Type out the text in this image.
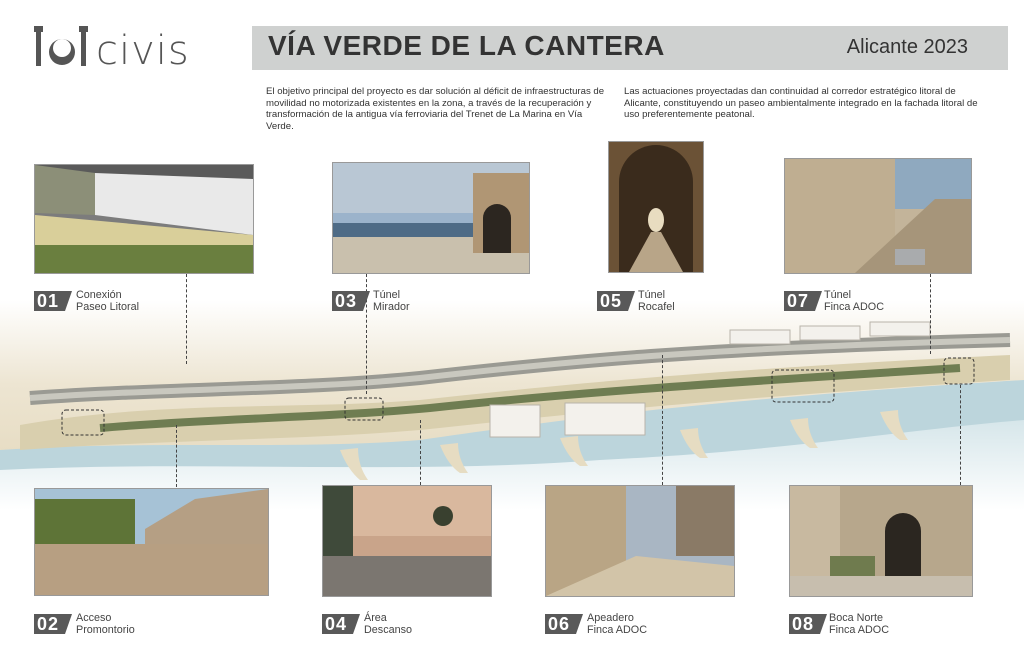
civis	VÍA VERDE DE LA CANTERA	Alicante 2023
El objetivo principal del proyecto es dar solución al déficit de infraestructuras de movilidad no motorizada existentes en la zona, a través de la recuperación y transformación de la antigua vía ferroviaria del Trenet de La Marina en Vía Verde.
Las actuaciones proyectadas dan continuidad al corredor estratégico litoral de Alicante, constituyendo un paseo ambientalmente integrado en la fachada litoral de uso preferentemente peatonal.
01	Conexión
Paseo Litoral	03	Túnel
Mirador	05	Túnel
Rocafel	07	Túnel
Finca ADOC
02	Acceso
Promontorio	04	Área
Descanso	06	Apeadero
Finca ADOC	08	Boca Norte
Finca ADOC
